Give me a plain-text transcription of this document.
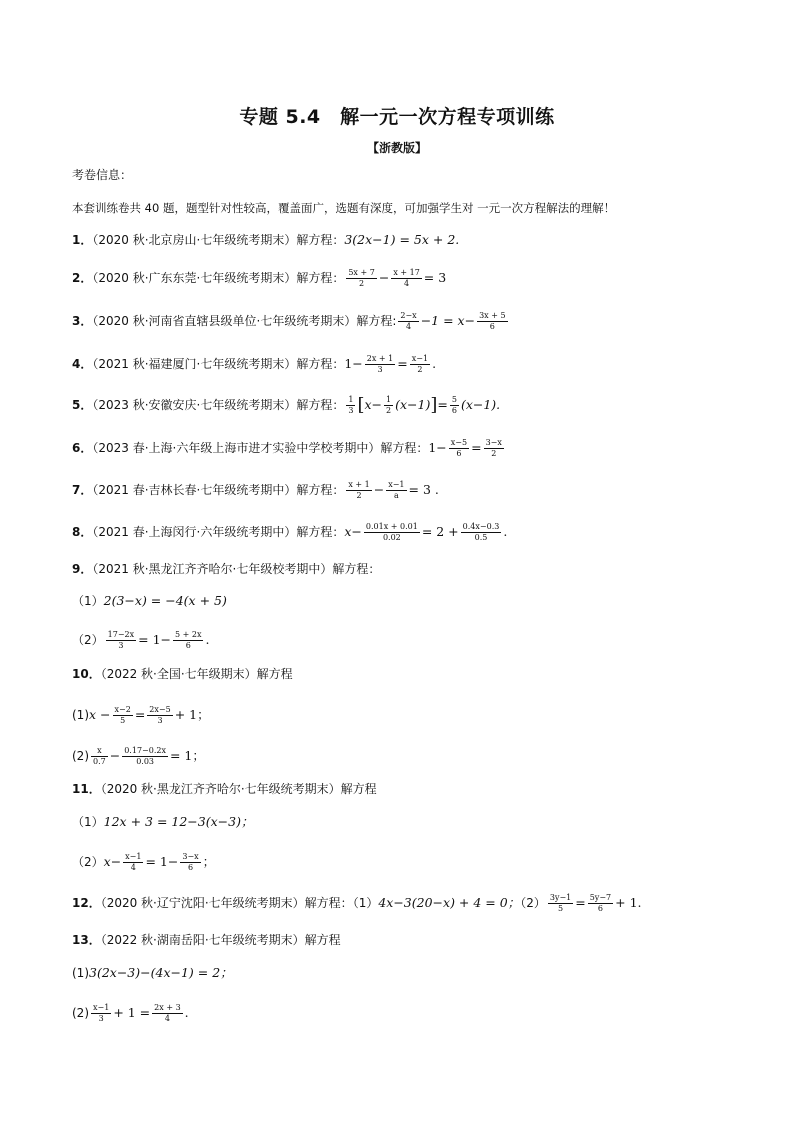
专题 5.4　解一元一次方程专项训练
【浙教版】
考卷信息：
本套训练卷共 40 题，题型针对性较高，覆盖面广，选题有深度，可加强学生对 一元一次方程解法的理解！
1．（2020 秋·北京房山·七年级统考期末）解方程：3(2x−1) = 5x + 2.
2．（2020 秋·广东东莞·七年级统考期末）解方程： $\frac{5x + 7}{2} - \frac{x + 17}{4} = 3$
3．（2020 秋·河南省直辖县级单位·七年级统考期末）解方程: $\frac{2-x}{4} -1 = x- \frac{3x + 5}{6}$
4．（2021 秋·福建厦门·七年级统考期末）解方程：$1- \frac{2x + 1}{3} = \frac{x-1}{2}$ .
5．（2023 秋·安徽安庆·七年级统考期末）解方程： $\frac{1}{3} [x- \frac{1}{2} (x-1)]= \frac{5}{6} (x-1)$.
6．（2023 春·上海·六年级上海市进才实验中学校考期中）解方程：$1- \frac{x-5}{6} = \frac{3-x}{2}$
7．（2021 春·吉林长春·七年级统考期中）解方程： $\frac{x + 1}{2} - \frac{x-1}{a} = 3$ .
8．（2021 春·上海闵行·六年级统考期中）解方程：$x- \frac{0.01x + 0.01}{0.02} = 2 + \frac{0.4x-0.3}{0.5}$ .
9．（2021 秋·黑龙江齐齐哈尔·七年级校考期中）解方程：
（1）2(3−x) = −4(x + 5)
$(2) \frac{17-2x}{3} = 1- \frac{5 + 2x}{6}$ .
10．（2022 秋·全国·七年级期末）解方程
$(1)x - \frac{x-2}{5} = \frac{2x-5}{3} + 1$；
$(2) \frac{x}{0.7} - \frac{0.17-0.2x}{0.03} = 1$；
11．（2020 秋·黑龙江齐齐哈尔·七年级统考期末）解方程
（1）12x + 3 = 12−3(x−3)；
$(2)x- \frac{x-1}{4} = 1- \frac{3-x}{6}$ ；
12．（2020 秋·辽宁沈阳·七年级统考期末）解方程：（1）4x−3(20−x) + 4 = 0；$(2) \frac{3y-1}{5} = \frac{5y-7}{6} + 1$.
13．（2022 秋·湖南岳阳·七年级统考期末）解方程
(1)3(2x−3)−(4x−1) = 2；
$(2) \frac{x-1}{3} + 1 = \frac{2x + 3}{4}$ .
